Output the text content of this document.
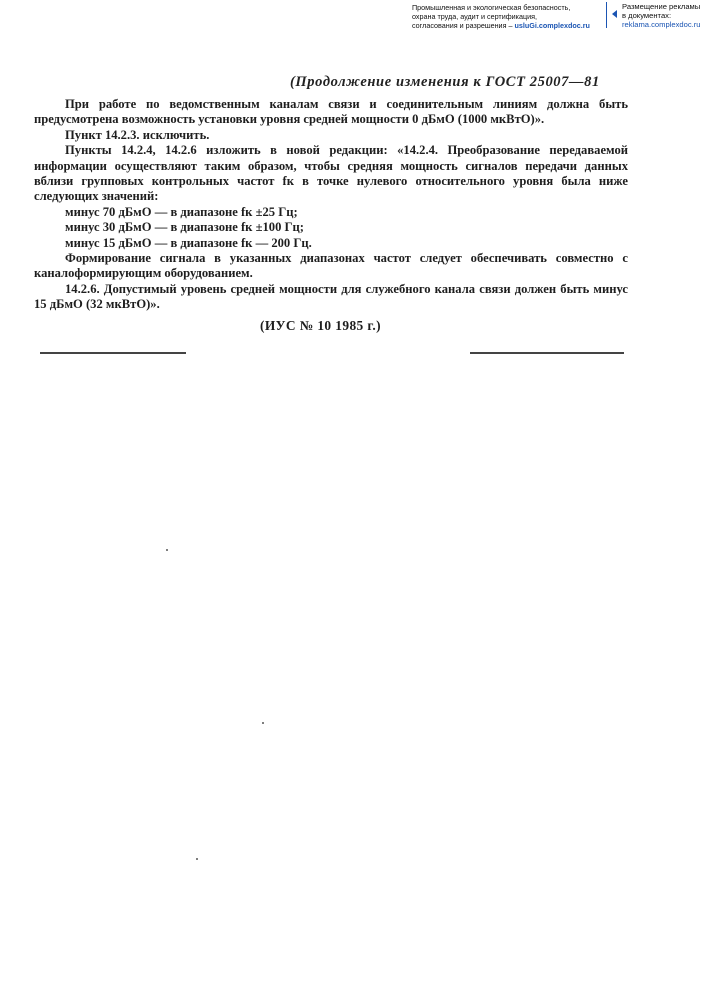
Промышленная и экологическая безопасность,
охрана труда, аудит и сертификация,
согласования и разрешения – usluGi.complexdoc.ru
Размещение рекламы
в документах:
reklama.complexdoc.ru
(Продолжение изменения к ГОСТ 25007—81

При работе по ведомственным каналам связи и соединительным линиям должна быть предусмотрена возможность установки уровня средней мощности 0 дБмО (1000 мкВтО)».

Пункт 14.2.3. исключить.

Пункты 14.2.4, 14.2.6 изложить в новой редакции: «14.2.4. Преобразование передаваемой информации осуществляют таким образом, чтобы средняя мощность сигналов передачи данных вблизи групповых контрольных частот fк в точке нулевого относительного уровня была ниже следующих значений:

минус 70 дБмО — в диапазоне fк ±25 Гц;

минус 30 дБмО — в диапазоне fк ±100 Гц;

минус 15 дБмО — в диапазоне fк — 200 Гц.

Формирование сигнала в указанных диапазонах частот следует обеспечивать совместно с каналоформирующим оборудованием.

14.2.6. Допустимый уровень средней мощности для служебного канала связи должен быть минус 15 дБмО (32 мкВтО)».

(ИУС № 10 1985 г.)
